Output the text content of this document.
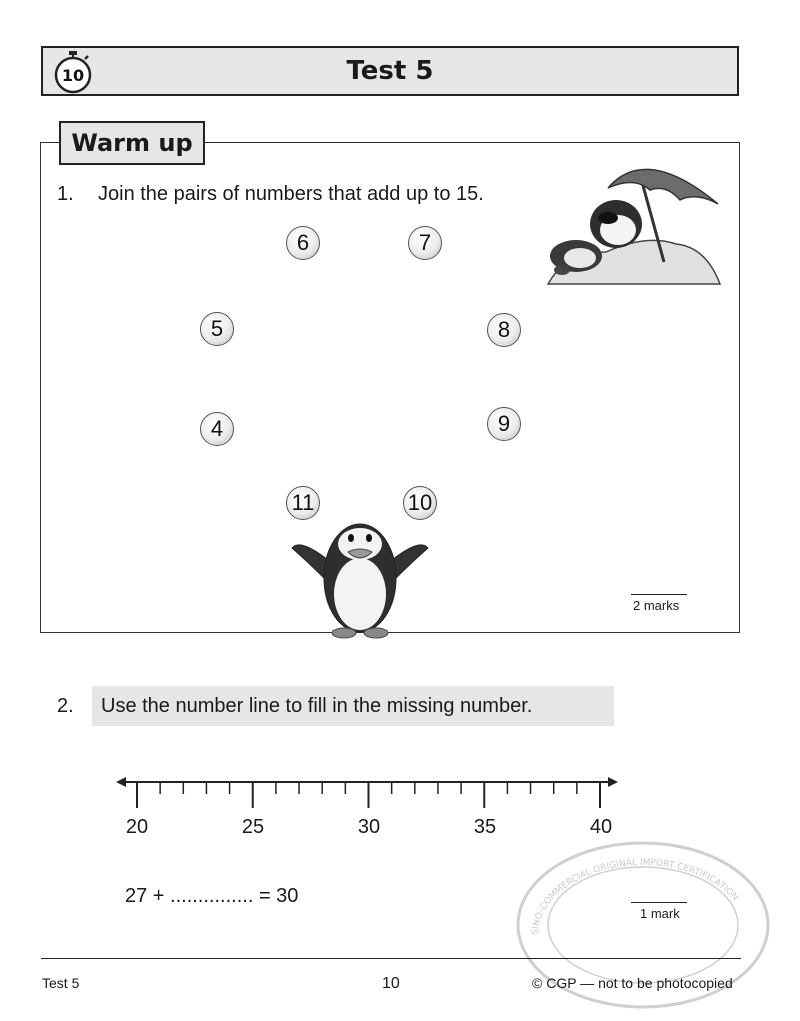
10	Test 5
Warm up
1. Join the pairs of numbers that add up to 15.
6	7
5	8
4	9
11	10
2 marks
2. Use the number line to fill in the missing number.
20	25	30	35	40
27 + ............... = 30
1 mark
SINO-COMMERCIAL ORIGINAL IMPORT CERTIFICATION
Test 5	10	© CGP — not to be photocopied
